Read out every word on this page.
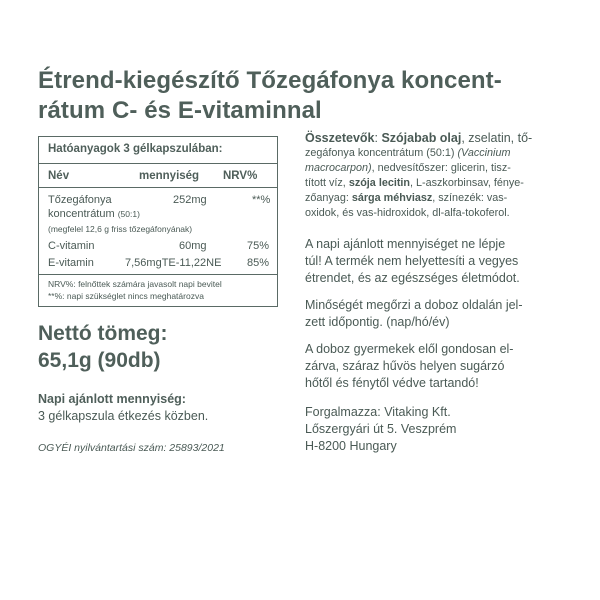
Étrend-kiegészítő Tőzegáfonya koncent-
rátum C- és E-vitaminnal
Hatóanyagok 3 gélkapszulában:
Név	mennyiség NRV%
Tőzegáfonya
koncentrátum (50:1)
(megfelel 12,6 g friss tőzegáfonyának)
252mg	**%
C-vitamin	60mg	75%
E-vitamin	7,56mgTE-11,22NE 85%
NRV%: felnőttek számára javasolt napi bevitel
**%: napi szükséglet nincs meghatározva
Nettó tömeg:
65,1g (90db)
Napi ajánlott mennyiség:
3 gélkapszula étkezés közben.
OGYÉI nyilvántartási szám: 25893/2021
Összetevők: Szójabab olaj, zselatin, tő-
zegáfonya koncentrátum (50:1) (Vaccinium
macrocarpon), nedvesítőszer: glicerin, tisz-
tított víz, szója lecitin, L-aszkorbinsav, fénye-
zőanyag: sárga méhviasz, színezék: vas-
oxidok, és vas-hidroxidok, dl-alfa-tokoferol.
A napi ajánlott mennyiséget ne lépje
túl! A termék nem helyettesíti a vegyes
étrendet, és az egészséges életmódot.
Minőségét megőrzi a doboz oldalán jel-
zett időpontig. (nap/hó/év)
A doboz gyermekek elől gondosan el-
zárva, száraz hűvös helyen sugárzó
hőtől és fénytől védve tartandó!
Forgalmazza: Vitaking Kft.
Lőszergyári út 5. Veszprém
H-8200 Hungary
